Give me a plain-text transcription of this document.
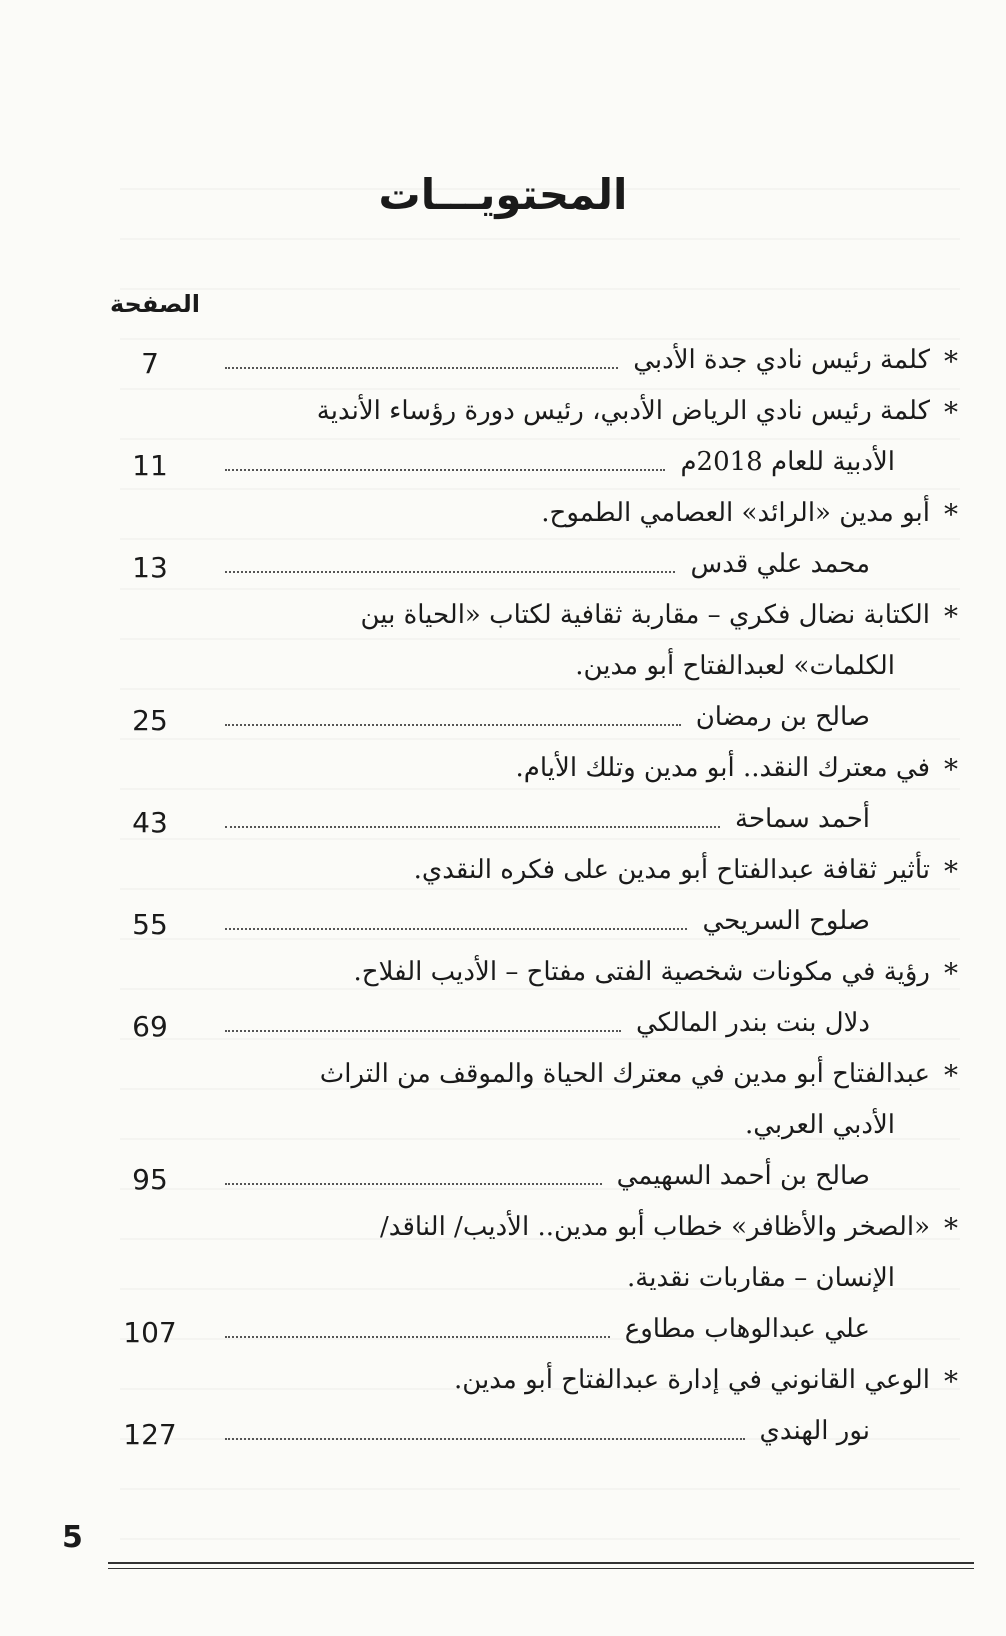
المحتويـــات
الصفحة
*
كلمة رئيس نادي جدة الأدبي
7
*
كلمة رئيس نادي الرياض الأدبي، رئيس دورة رؤساء الأندية
الأدبية للعام 2018م
11
*
أبو مدين «الرائد» العصامي الطموح.
محمد علي قدس
13
*
الكتابة نضال فكري – مقاربة ثقافية لكتاب «الحياة بين
الكلمات» لعبدالفتاح أبو مدين.
صالح بن رمضان
25
*
في معترك النقد.. أبو مدين وتلك الأيام.
أحمد سماحة
43
*
تأثير ثقافة عبدالفتاح أبو مدين على فكره النقدي.
صلوح السريحي
55
*
رؤية في مكونات شخصية الفتى مفتاح – الأديب الفلاح.
دلال بنت بندر المالكي
69
*
عبدالفتاح أبو مدين في معترك الحياة والموقف من التراث
الأدبي العربي.
صالح بن أحمد السهيمي
95
*
«الصخر والأظافر» خطاب أبو مدين.. الأديب/ الناقد/
الإنسان – مقاربات نقدية.
علي عبدالوهاب مطاوع
107
*
الوعي القانوني في إدارة عبدالفتاح أبو مدين.
نور الهندي
127
5
